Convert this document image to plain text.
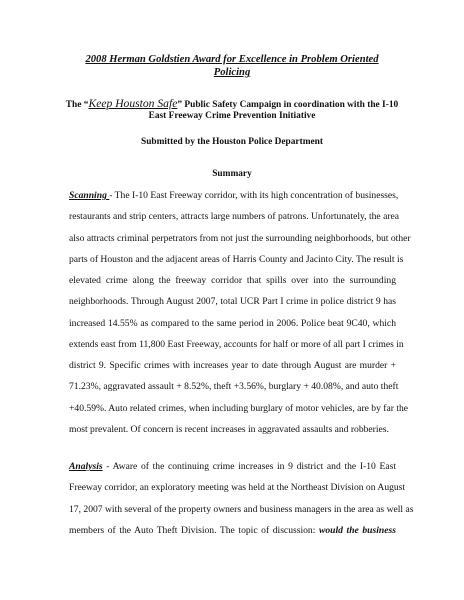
2008 Herman Goldstien Award for Excellence in Problem Oriented
Policing
The “Keep Houston Safe” Public Safety Campaign in coordination with the I-10
East Freeway Crime Prevention Initiative
Submitted by the Houston Police Department
Summary
Scanning - The I-10 East Freeway corridor, with its high concentration of businesses,
restaurants and strip centers, attracts large numbers of patrons. Unfortunately, the area
also attracts criminal perpetrators from not just the surrounding neighborhoods, but other
parts of Houston and the adjacent areas of Harris County and Jacinto City. The result is
elevated crime along the freeway corridor that spills over into the surrounding
neighborhoods. Through August 2007, total UCR Part I crime in police district 9 has
increased 14.55% as compared to the same period in 2006. Police beat 9C40, which
extends east from 11,800 East Freeway, accounts for half or more of all part I crimes in
district 9. Specific crimes with increases year to date through August are murder +
71.23%, aggravated assault + 8.52%, theft +3.56%, burglary + 40.08%, and auto theft
+40.59%. Auto related crimes, when including burglary of motor vehicles, are by far the
most prevalent. Of concern is recent increases in aggravated assaults and robberies.
Analysis - Aware of the continuing crime increases in 9 district and the I-10 East
Freeway corridor, an exploratory meeting was held at the Northeast Division on August
17, 2007 with several of the property owners and business managers in the area as well as
members of the Auto Theft Division. The topic of discussion: would the business
